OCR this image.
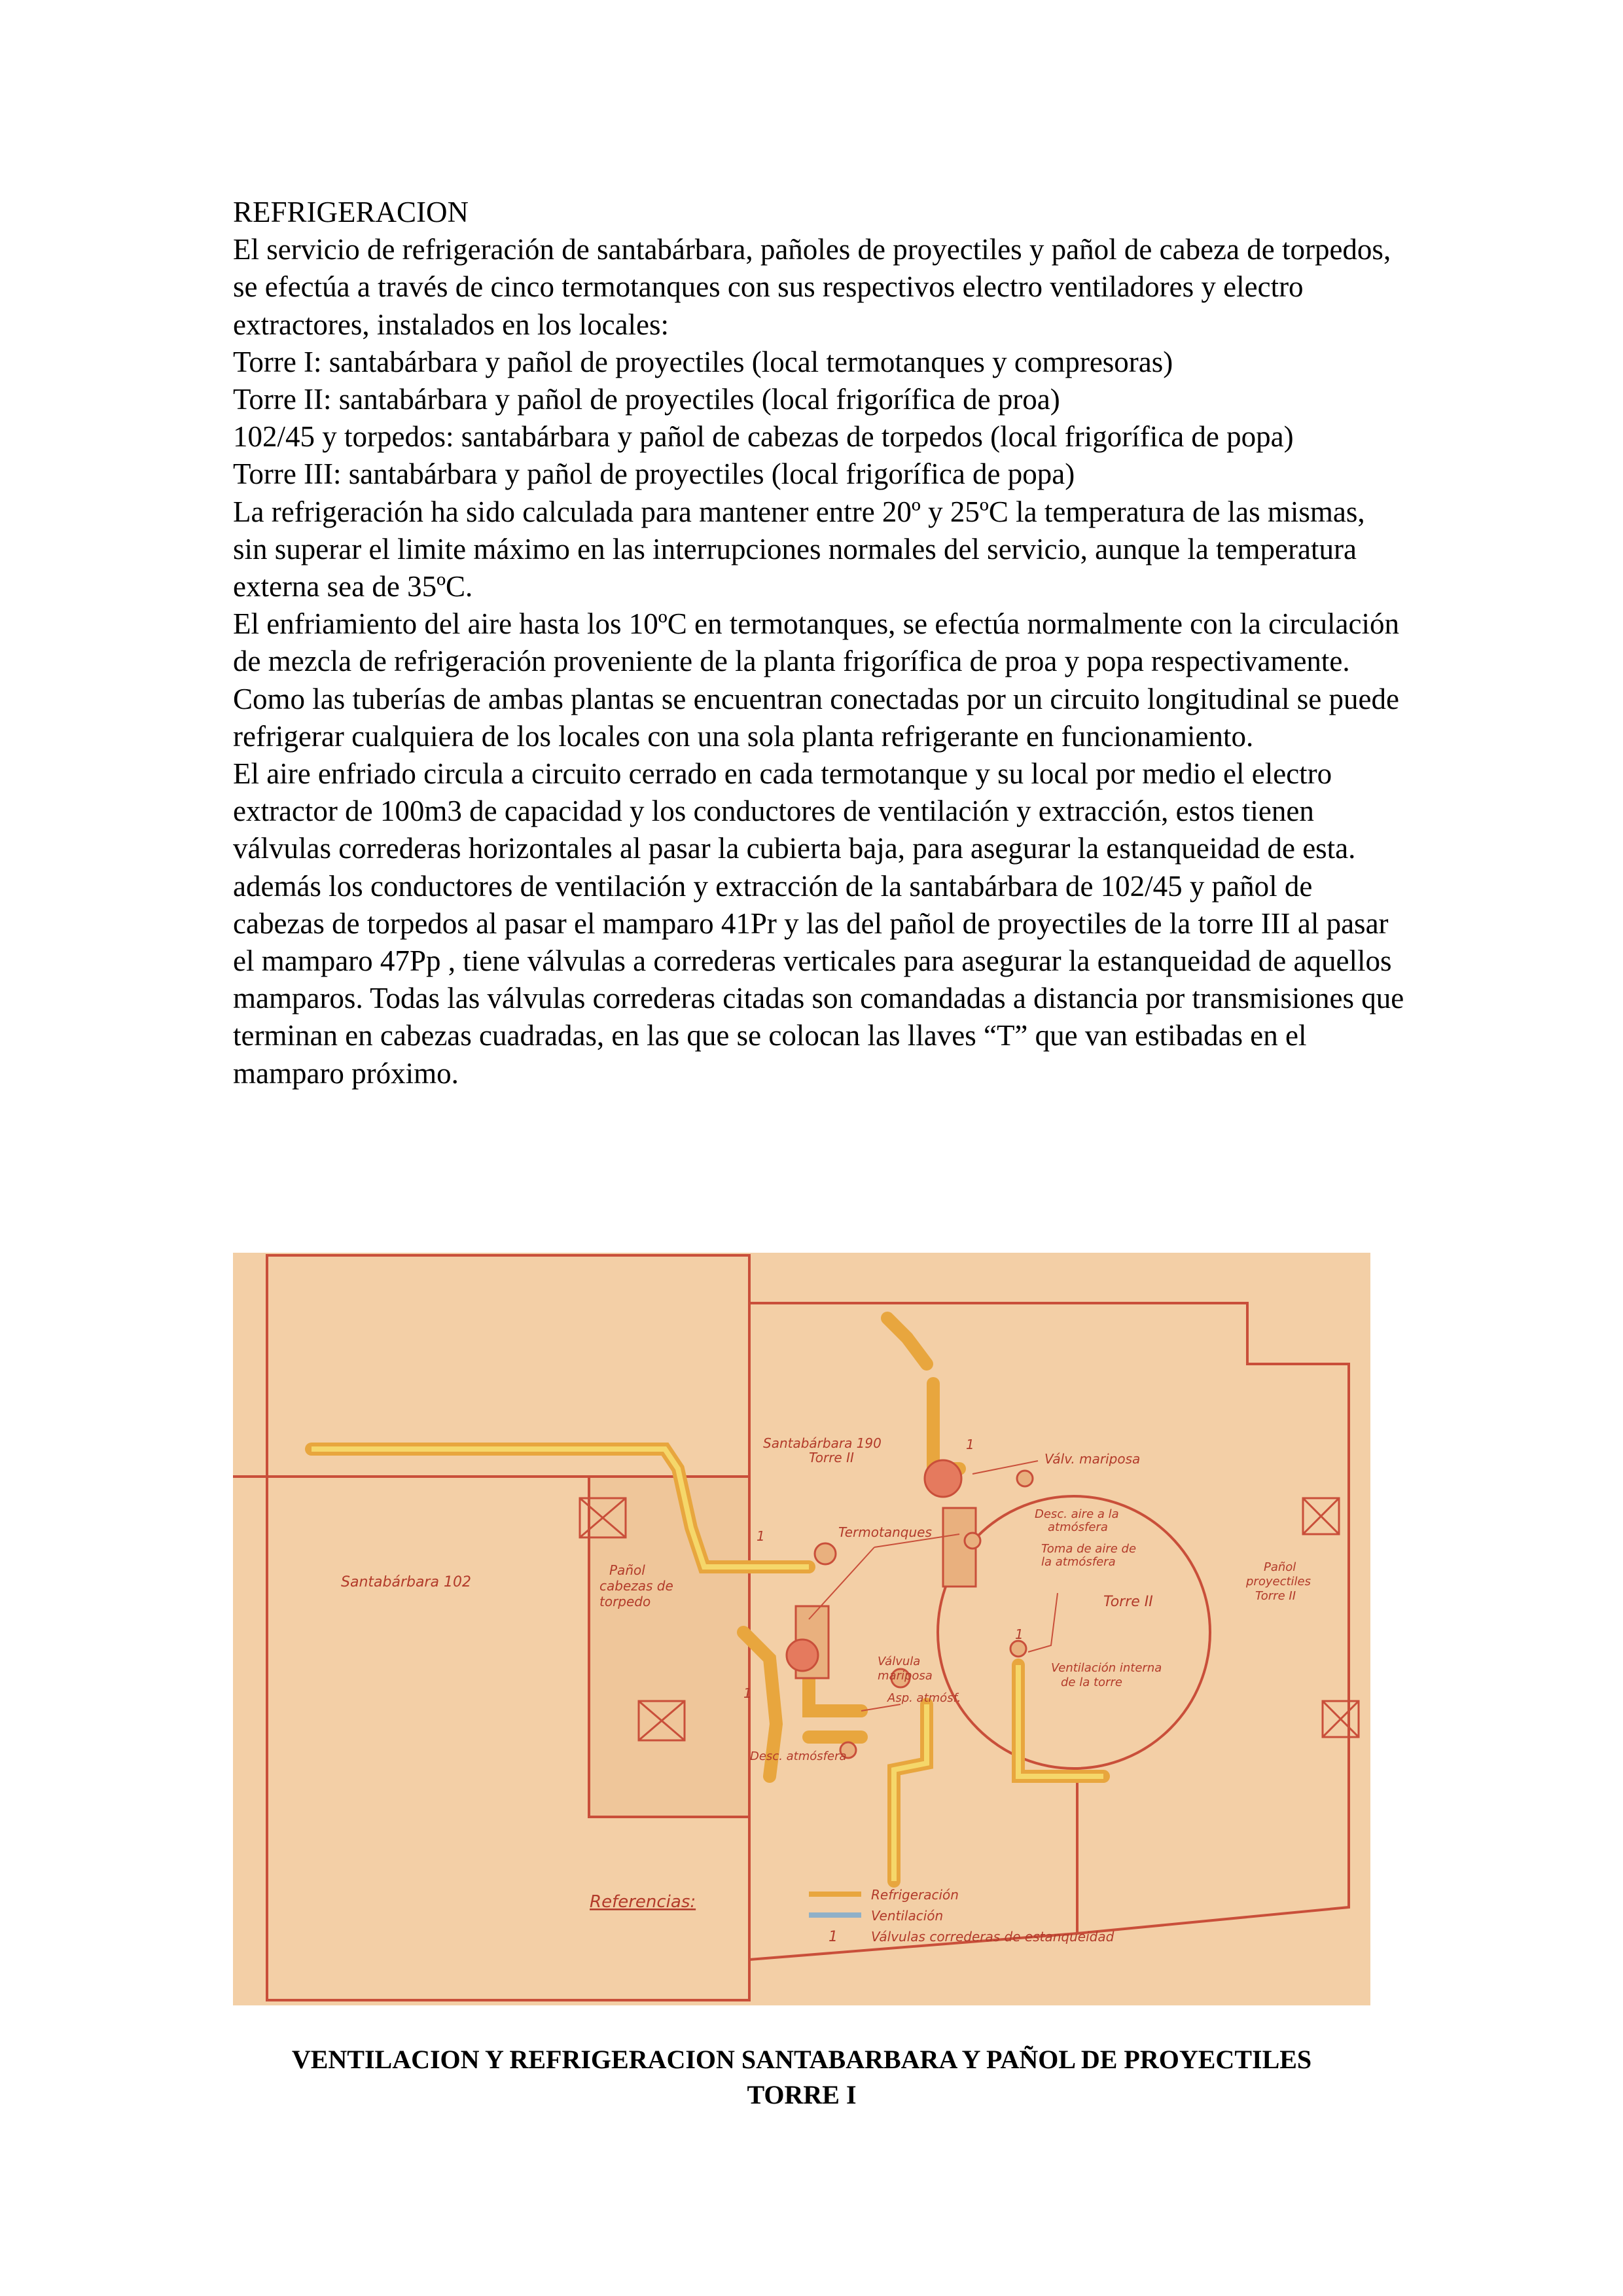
REFRIGERACION

El servicio de refrigeración de santabárbara, pañoles de proyectiles y pañol de cabeza de torpedos, se efectúa a través de cinco termotanques con sus respectivos electro ventiladores y electro extractores, instalados en los locales:

Torre I: santabárbara y pañol de proyectiles (local termotanques y compresoras)

Torre II: santabárbara y pañol de proyectiles (local frigorífica de proa)

102/45 y torpedos: santabárbara y pañol de cabezas de torpedos (local frigorífica de popa)

Torre III: santabárbara y pañol de proyectiles (local frigorífica de popa)

La refrigeración ha sido calculada para mantener entre 20º y 25ºC la temperatura de las mismas, sin superar el limite máximo en las interrupciones normales del servicio, aunque la temperatura externa sea de 35ºC.

El enfriamiento del aire hasta los 10ºC en termotanques, se efectúa normalmente con la circulación de mezcla de refrigeración proveniente de la planta frigorífica de proa y popa respectivamente. Como las tuberías de ambas plantas se encuentran conectadas por un circuito longitudinal se puede refrigerar cualquiera de los locales con una sola planta refrigerante en funcionamiento.

El aire enfriado circula a circuito cerrado en cada termotanque y su local por medio el electro extractor de 100m3 de capacidad y los conductores de ventilación y extracción, estos tienen válvulas correderas horizontales al pasar la cubierta baja, para asegurar la estanqueidad de esta. además los conductores de ventilación y extracción de la santabárbara de 102/45 y pañol de cabezas de torpedos al pasar el mamparo 41Pr y las del pañol de proyectiles de la torre III al pasar el mamparo 47Pp , tiene válvulas a correderas verticales para asegurar la estanqueidad de aquellos mamparos. Todas las válvulas correderas citadas son comandadas a distancia por transmisiones que terminan en cabezas cuadradas, en las que se colocan las llaves “T” que van estibadas en el mamparo próximo.

Santabárbara 102
Pañol
cabezas de
torpedo
Santabárbara 190
Torre II
Termotanques
Válv. mariposa
Desc. aire a la
atmósfera
Toma de aire de
la atmósfera
Torre II
Pañol
proyectiles
Torre II
Ventilación interna
de la torre
Válvula
mariposa
Asp. atmósf.
Desc. atmósfera
1
1
1
1
Referencias:	Refrigeración
Ventilación
1	Válvulas correderas de estanqueidad
VENTILACION Y REFRIGERACION SANTABARBARA Y PAÑOL DE PROYECTILES
TORRE I
